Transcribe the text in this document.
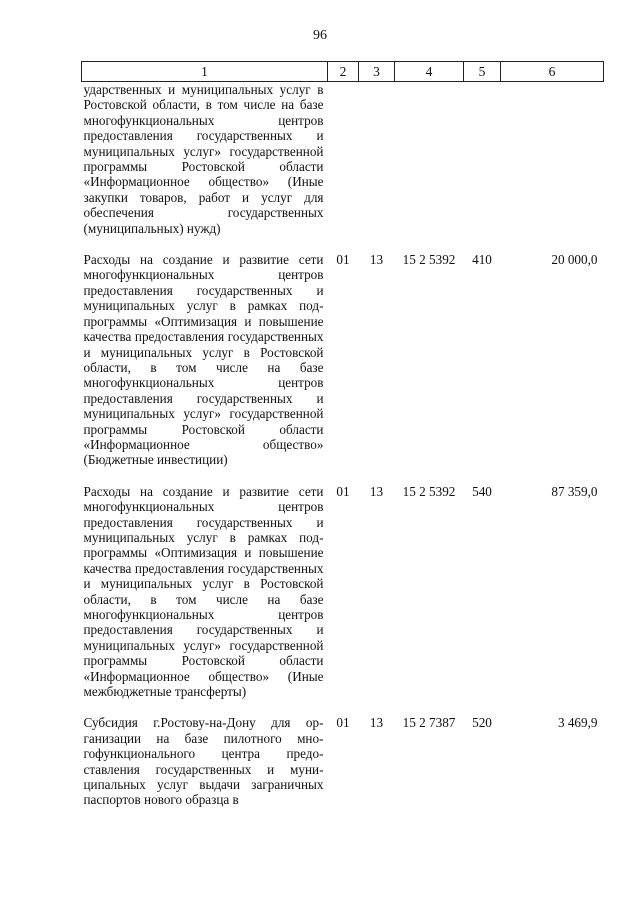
96
1	2	3	4	5	6
ударственных и муниципальных услуг в Ростовской области, в том числе на базе многофункциональных центров предоставления государственных и муниципальных услуг» государственной программы Ростовской области «Информационное общество» (Иные закупки товаров, работ и услуг для обеспечения государственных (муниципальных) нужд)					

Расходы на создание и развитие сети многофункциональных центров предоставления государственных и муниципальных услуг в рамках подпрограммы «Оптимизация и повышение качества предоставления государственных и муниципальных услуг в Ростовской области, в том числе на базе многофункциональных центров предоставления государственных и муниципальных услуг» государственной программы Ростовской области «Информационное общество» (Бюджетные инвестиции)	01	13	15 2 5392	410	20 000,0

Расходы на создание и развитие сети многофункциональных центров предоставления государственных и муниципальных услуг в рамках подпрограммы «Оптимизация и повышение качества предоставления государственных и муниципальных услуг в Ростовской области, в том числе на базе многофункциональных центров предоставления государственных и муниципальных услуг» государственной программы Ростовской области «Информационное общество» (Иные межбюджетные трансферты)	01	13	15 2 5392	540	87 359,0

Субсидия г.Ростову-на-Дону для организации на базе пилотного многофункционального центра предоставления государственных и муниципальных услуг выдачи заграничных паспортов нового образца в	01	13	15 2 7387	520	3 469,9
